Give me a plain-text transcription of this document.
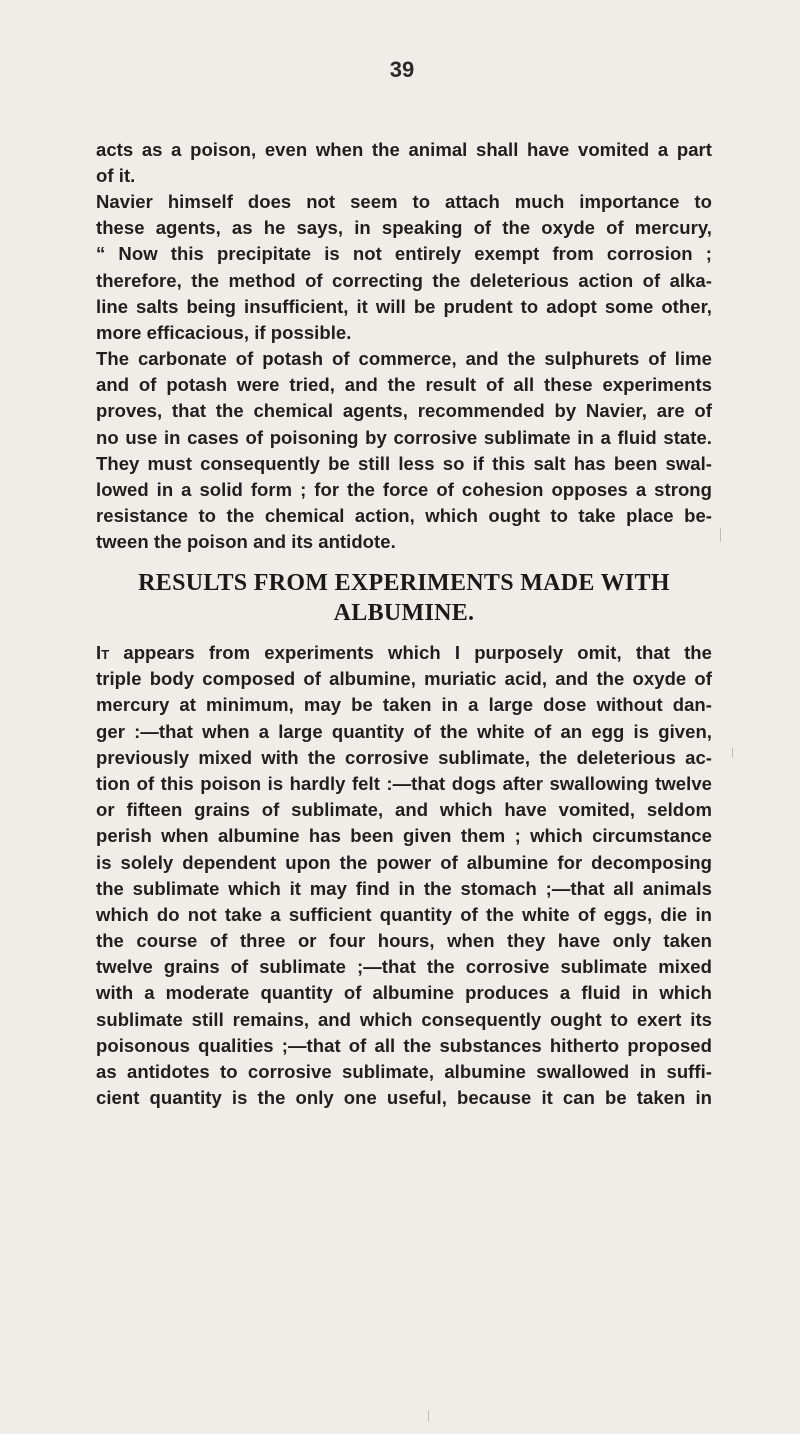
39
acts as a poison, even when the animal shall have vomited a part
of it.
Navier himself does not seem to attach much importance to
these agents, as he says, in speaking of the oxyde of mercury,
“ Now this precipitate is not entirely exempt from corrosion ;
therefore, the method of correcting the deleterious action of alka-
line salts being insufficient, it will be prudent to adopt some other,
more efficacious, if possible.
The carbonate of potash of commerce, and the sulphurets of lime
and of potash were tried, and the result of all these experiments
proves, that the chemical agents, recommended by Navier, are of
no use in cases of poisoning by corrosive sublimate in a fluid state.
They must consequently be still less so if this salt has been swal-
lowed in a solid form ; for the force of cohesion opposes a strong
resistance to the chemical action, which ought to take place be-
tween the poison and its antidote.
RESULTS FROM EXPERIMENTS MADE WITH
ALBUMINE.
It appears from experiments which I purposely omit, that the
triple body composed of albumine, muriatic acid, and the oxyde of
mercury at minimum, may be taken in a large dose without dan-
ger :—that when a large quantity of the white of an egg is given,
previously mixed with the corrosive sublimate, the deleterious ac-
tion of this poison is hardly felt :—that dogs after swallowing twelve
or fifteen grains of sublimate, and which have vomited, seldom
perish when albumine has been given them ; which circumstance
is solely dependent upon the power of albumine for decomposing
the sublimate which it may find in the stomach ;—that all animals
which do not take a sufficient quantity of the white of eggs, die in
the course of three or four hours, when they have only taken
twelve grains of sublimate ;—that the corrosive sublimate mixed
with a moderate quantity of albumine produces a fluid in which
sublimate still remains, and which consequently ought to exert its
poisonous qualities ;—that of all the substances hitherto proposed
as antidotes to corrosive sublimate, albumine swallowed in suffi-
cient quantity is the only one useful, because it can be taken in
